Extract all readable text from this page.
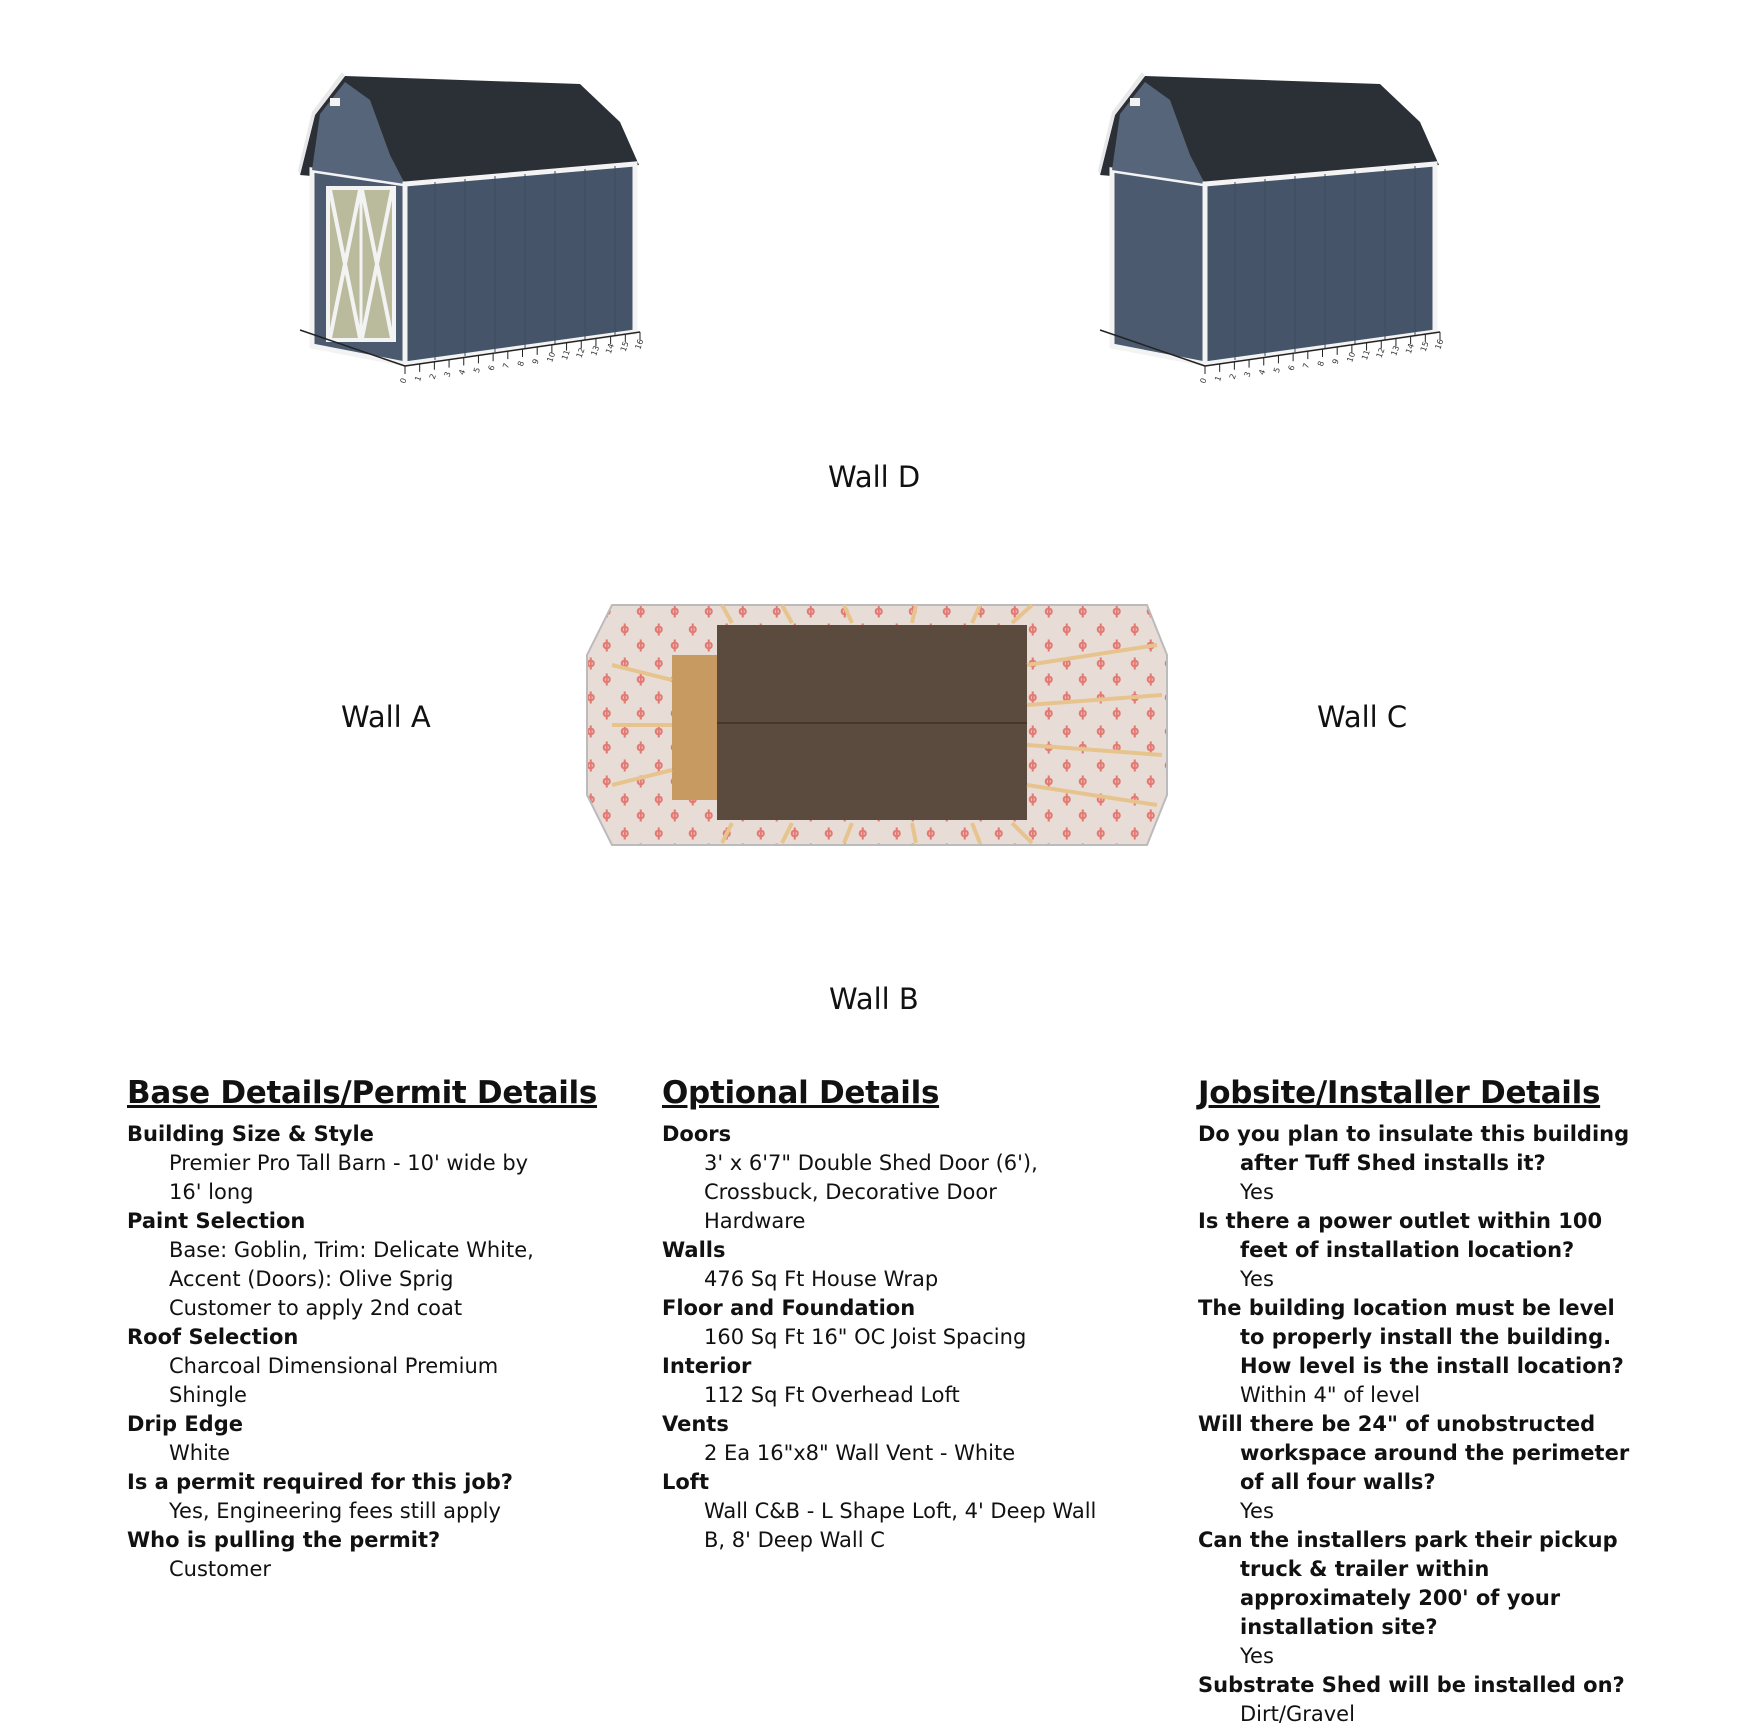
0 1 2 3 4 5 6 7 8 9 10 11 12 13 14 15 16
0 1 2 3 4 5 6 7 8 9 10 11 12 13 14 15 16
Wall D
Wall A	Wall C
Wall B
Base Details/Permit Details
Building Size & Style
Premier Pro Tall Barn - 10' wide by 16' long
Paint Selection
Base: Goblin, Trim: Delicate White, Accent (Doors): Olive Sprig
Customer to apply 2nd coat
Roof Selection
Charcoal Dimensional Premium Shingle
Drip Edge
White
Is a permit required for this job?
Yes, Engineering fees still apply
Who is pulling the permit?
Customer
Optional Details
Doors
3' x 6'7" Double Shed Door (6'), Crossbuck, Decorative Door Hardware
Walls
476 Sq Ft House Wrap
Floor and Foundation
160 Sq Ft 16" OC Joist Spacing
Interior
112 Sq Ft Overhead Loft
Vents
2 Ea 16"x8" Wall Vent - White
Loft
Wall C&B - L Shape Loft, 4' Deep Wall B, 8' Deep Wall C
Jobsite/Installer Details
Do you plan to insulate this building after Tuff Shed installs it?
Yes
Is there a power outlet within 100 feet of installation location?
Yes
The building location must be level to properly install the building. How level is the install location?
Within 4" of level
Will there be 24" of unobstructed workspace around the perimeter of all four walls?
Yes
Can the installers park their pickup truck & trailer within approximately 200' of your installation site?
Yes
Substrate Shed will be installed on?
Dirt/Gravel
